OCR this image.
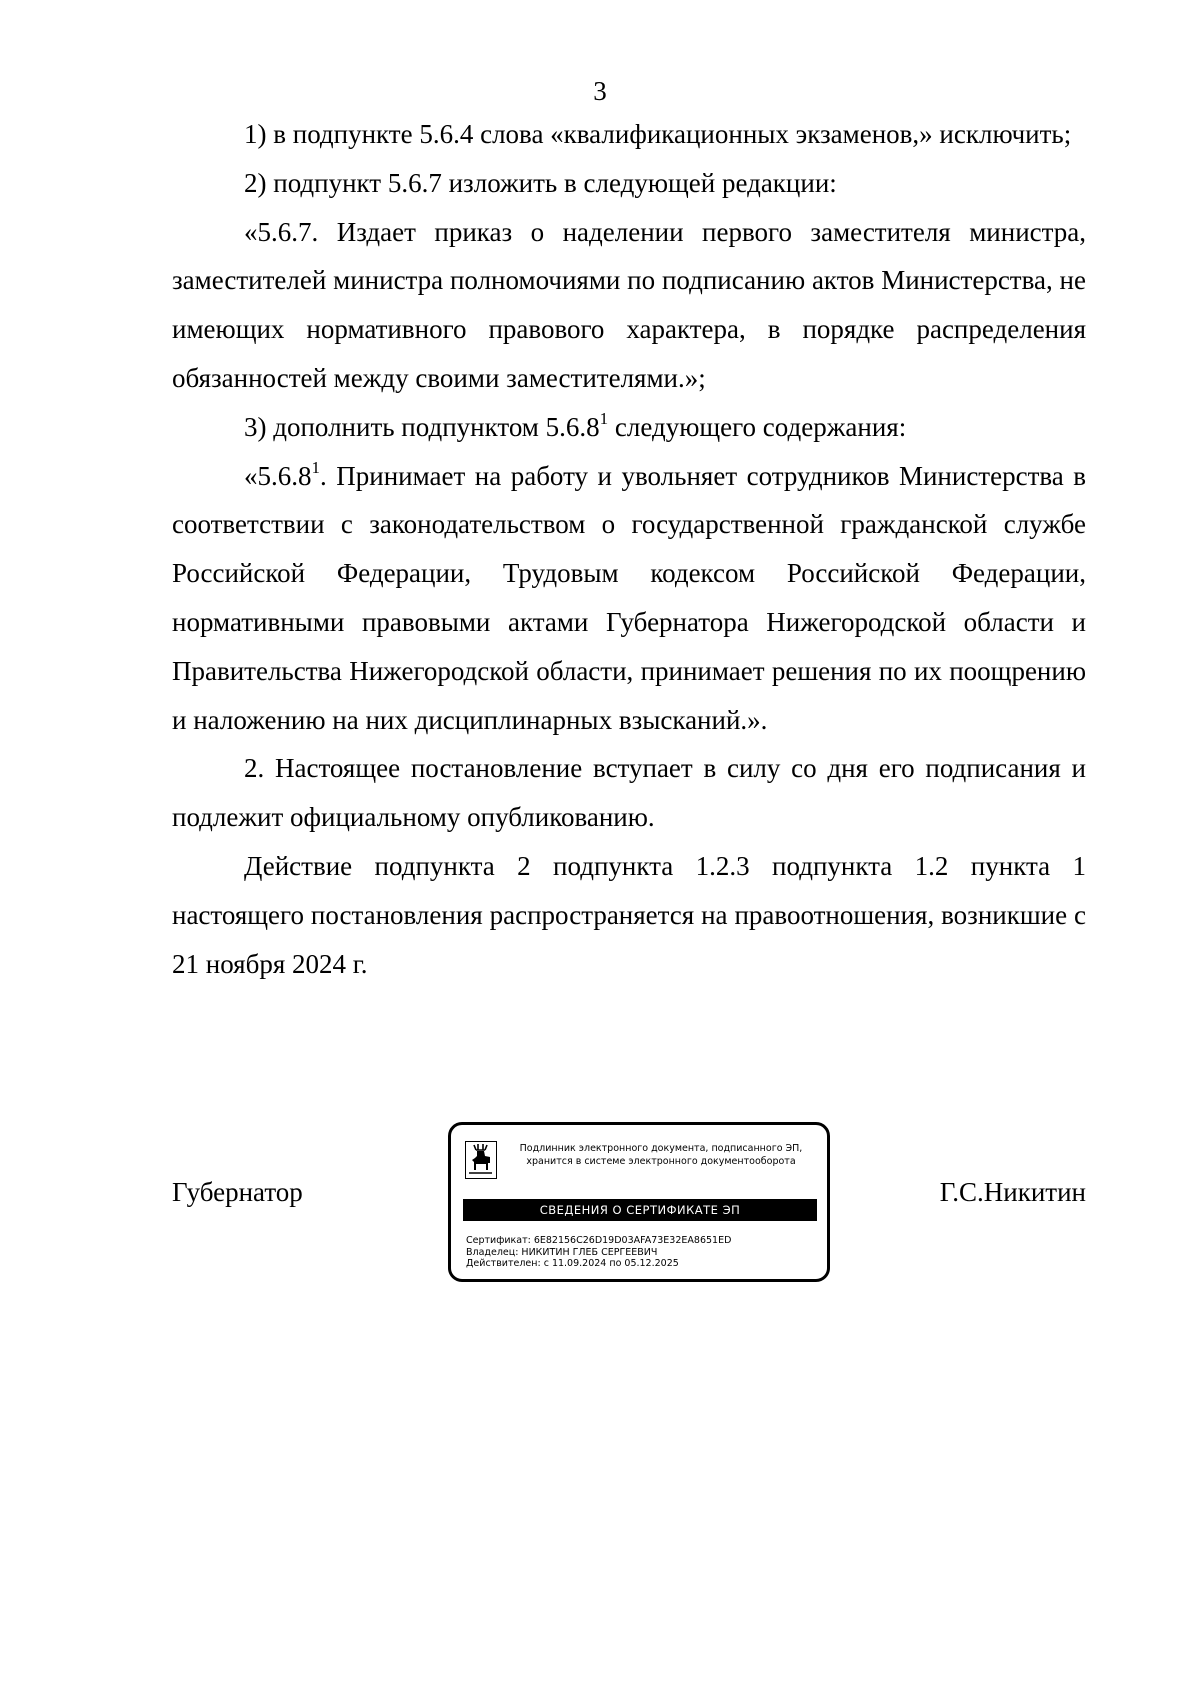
3

1) в подпункте 5.6.4 слова «квалификационных экзаменов,» исключить;

2) подпункт 5.6.7 изложить в следующей редакции:

«5.6.7. Издает приказ о наделении первого заместителя министра, заместителей министра полномочиями по подписанию актов Министерства, не имеющих нормативного правового характера, в порядке распределения обязанностей между своими заместителями.»;

3) дополнить подпунктом 5.6.8$^1$ следующего содержания:

«5.6.8$^1$. Принимает на работу и увольняет сотрудников Министерства в соответствии с законодательством о государственной гражданской службе Российской Федерации, Трудовым кодексом Российской Федерации, нормативными правовыми актами Губернатора Нижегородской области и Правительства Нижегородской области, принимает решения по их поощрению и наложению на них дисциплинарных взысканий.».

2. Настоящее постановление вступает в силу со дня его подписания и подлежит официальному опубликованию.

Действие подпункта 2 подпункта 1.2.3 подпункта 1.2 пункта 1 настоящего постановления распространяется на правоотношения, возникшие с 21 ноября 2024 г.

Губернатор
Подлинник электронного документа, подписанного ЭП,
хранится в системе электронного документооборота
СВЕДЕНИЯ О СЕРТИФИКАТЕ ЭП
Сертификат: 6E82156C26D19D03AFA73E32EA8651ED
Владелец: НИКИТИН ГЛЕБ СЕРГЕЕВИЧ
Действителен: с 11.09.2024 по 05.12.2025
Г.С.Никитин
